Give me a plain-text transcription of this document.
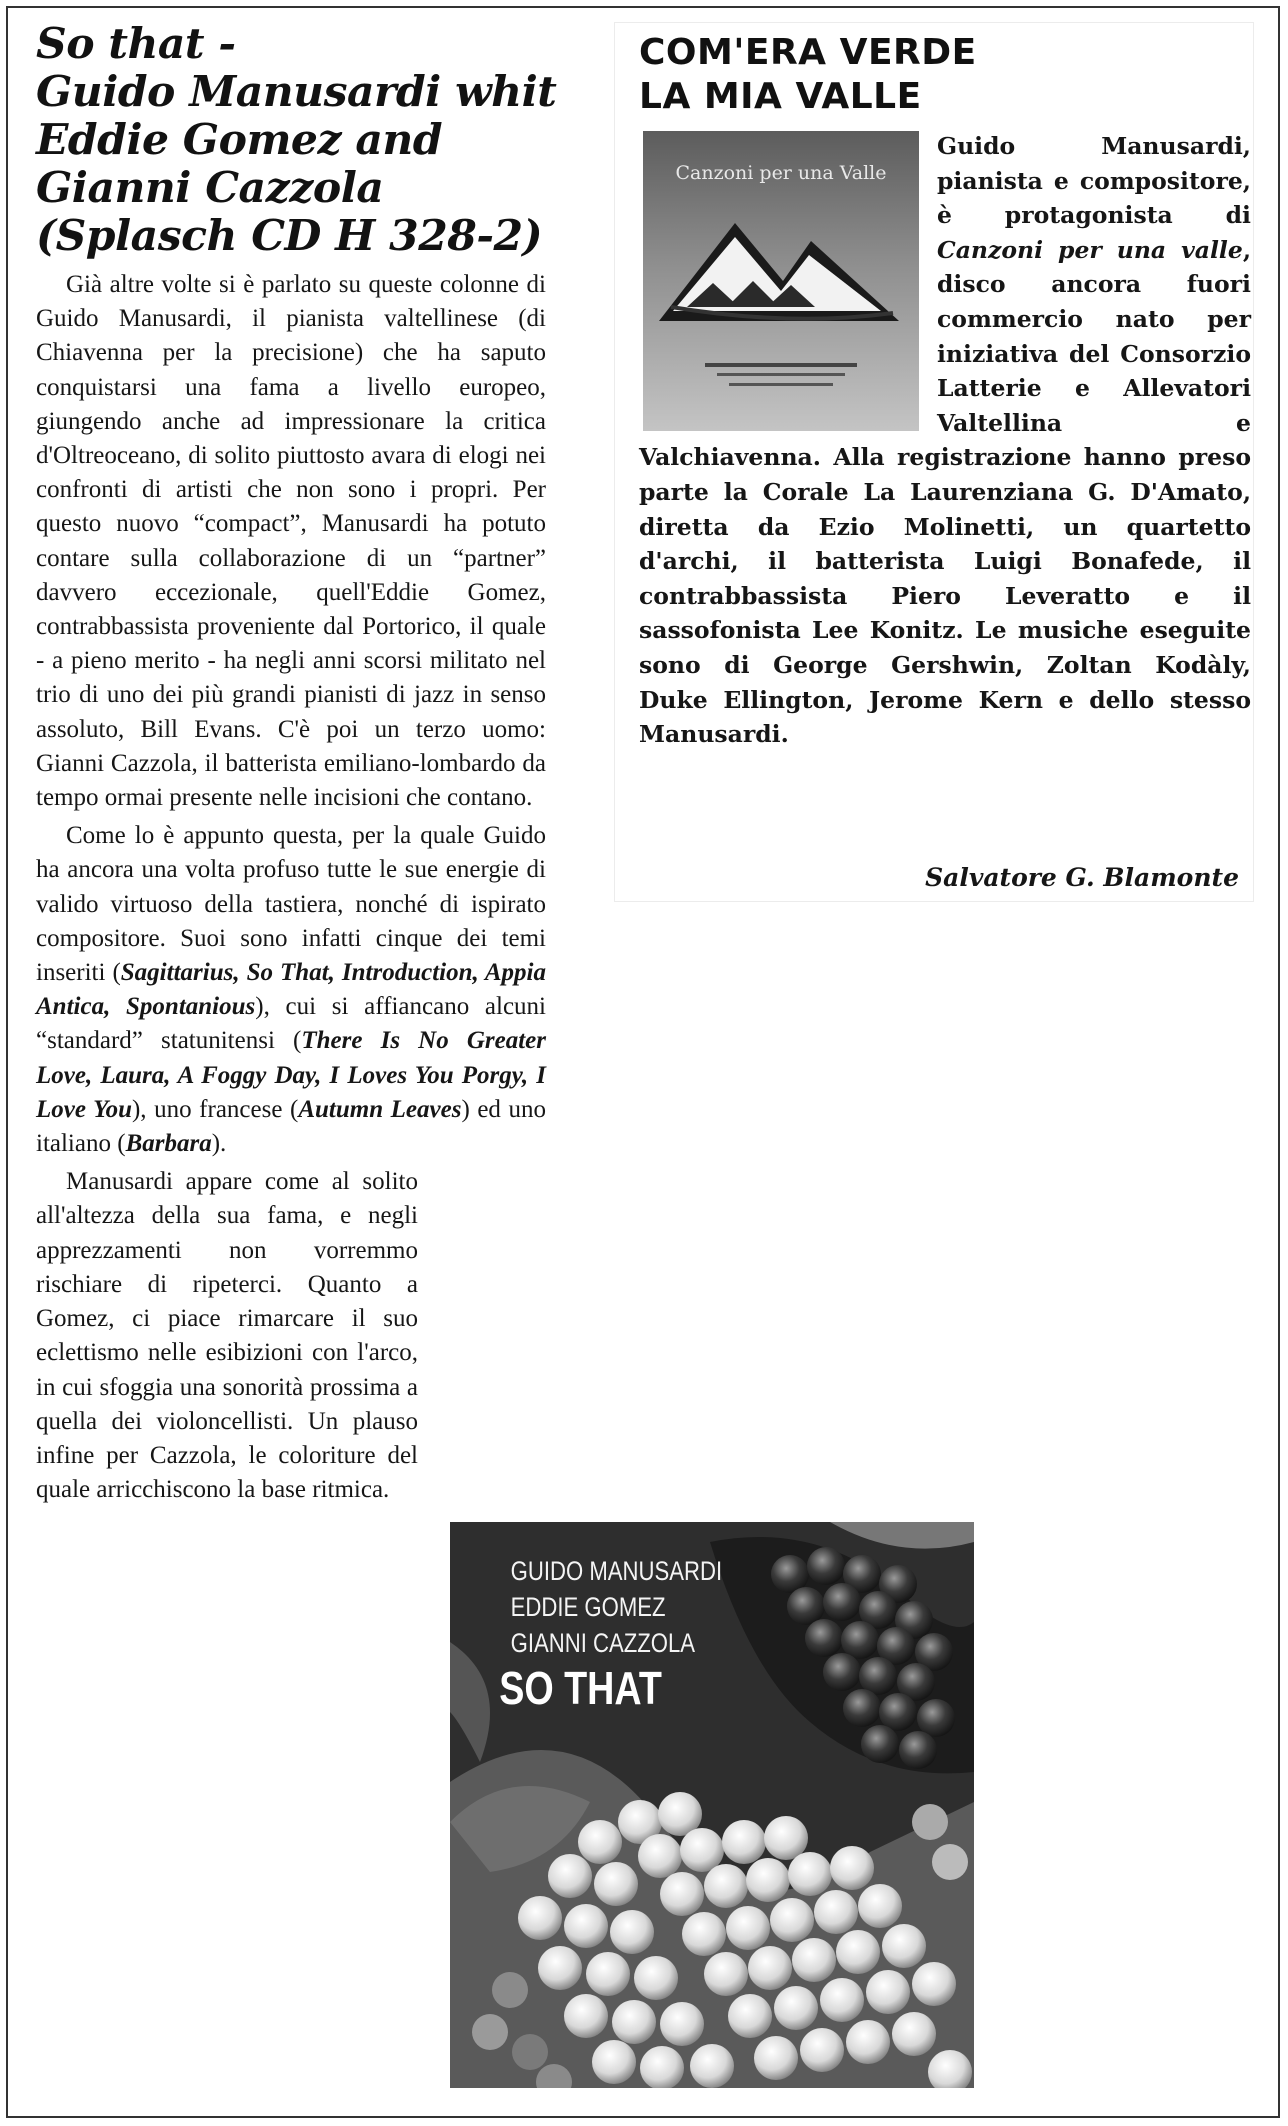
So that -
Guido Manusardi whit
Eddie Gomez and
Gianni Cazzola
(Splasch CD H 328-2)

Già altre volte si è parlato su queste colonne di Guido Manusardi, il pianista valtellinese (di Chiavenna per la precisione) che ha saputo conquistarsi una fama a livello europeo, giungendo anche ad impressionare la critica d'Oltreoceano, di solito piuttosto avara di elogi nei confronti di artisti che non sono i propri. Per questo nuovo “compact”, Manusardi ha potuto contare sulla collaborazione di un “partner” davvero eccezionale, quell'Eddie Gomez, contrabbassista proveniente dal Portorico, il quale - a pieno merito - ha negli anni scorsi militato nel trio di uno dei più grandi pianisti di jazz in senso assoluto, Bill Evans. C'è poi un terzo uomo: Gianni Cazzola, il batterista emiliano-lombardo da tempo ormai presente nelle incisioni che contano.

Come lo è appunto questa, per la quale Guido ha ancora una volta profuso tutte le sue energie di valido virtuoso della tastiera, nonché di ispirato compositore. Suoi sono infatti cinque dei temi inseriti (Sagittarius, So That, Introduction, Appia Antica, Spontanious), cui si affiancano alcuni “standard” statunitensi (There Is No Greater Love, Laura, A Foggy Day, I Loves You Porgy, I Love You), uno francese (Autumn Leaves) ed uno italiano (Barbara).

Manusardi appare come al solito all'altezza della sua fama, e negli apprezzamenti non vorremmo rischiare di ripeterci. Quanto a Gomez, ci piace rimarcare il suo eclettismo nelle esibizioni con l'arco, in cui sfoggia una sonorità prossima a quella dei violoncellisti. Un plauso infine per Cazzola, le coloriture del quale arricchiscono la base ritmica.

COM'ERA VERDE
LA MIA VALLE
Canzoni per una Valle
Guido Manusardi, pianista e compositore, è protagonista di Canzoni per una valle, disco ancora fuori commercio nato per iniziativa del Consorzio Latterie e Allevatori Valtellina e Valchiavenna. Alla registrazione hanno preso parte la Corale La Laurenziana G. D'Amato, diretta da Ezio Molinetti, un quartetto d'archi, il batterista Luigi Bonafede, il contrabbassista Piero Leveratto e il sassofonista Lee Konitz. Le musiche eseguite sono di George Gershwin, Zoltan Kodàly, Duke Ellington, Jerome Kern e dello stesso Manusardi.

Salvatore G. Blamonte

GUIDO MANUSARDI
EDDIE GOMEZ
GIANNI CAZZOLA
SO THAT
